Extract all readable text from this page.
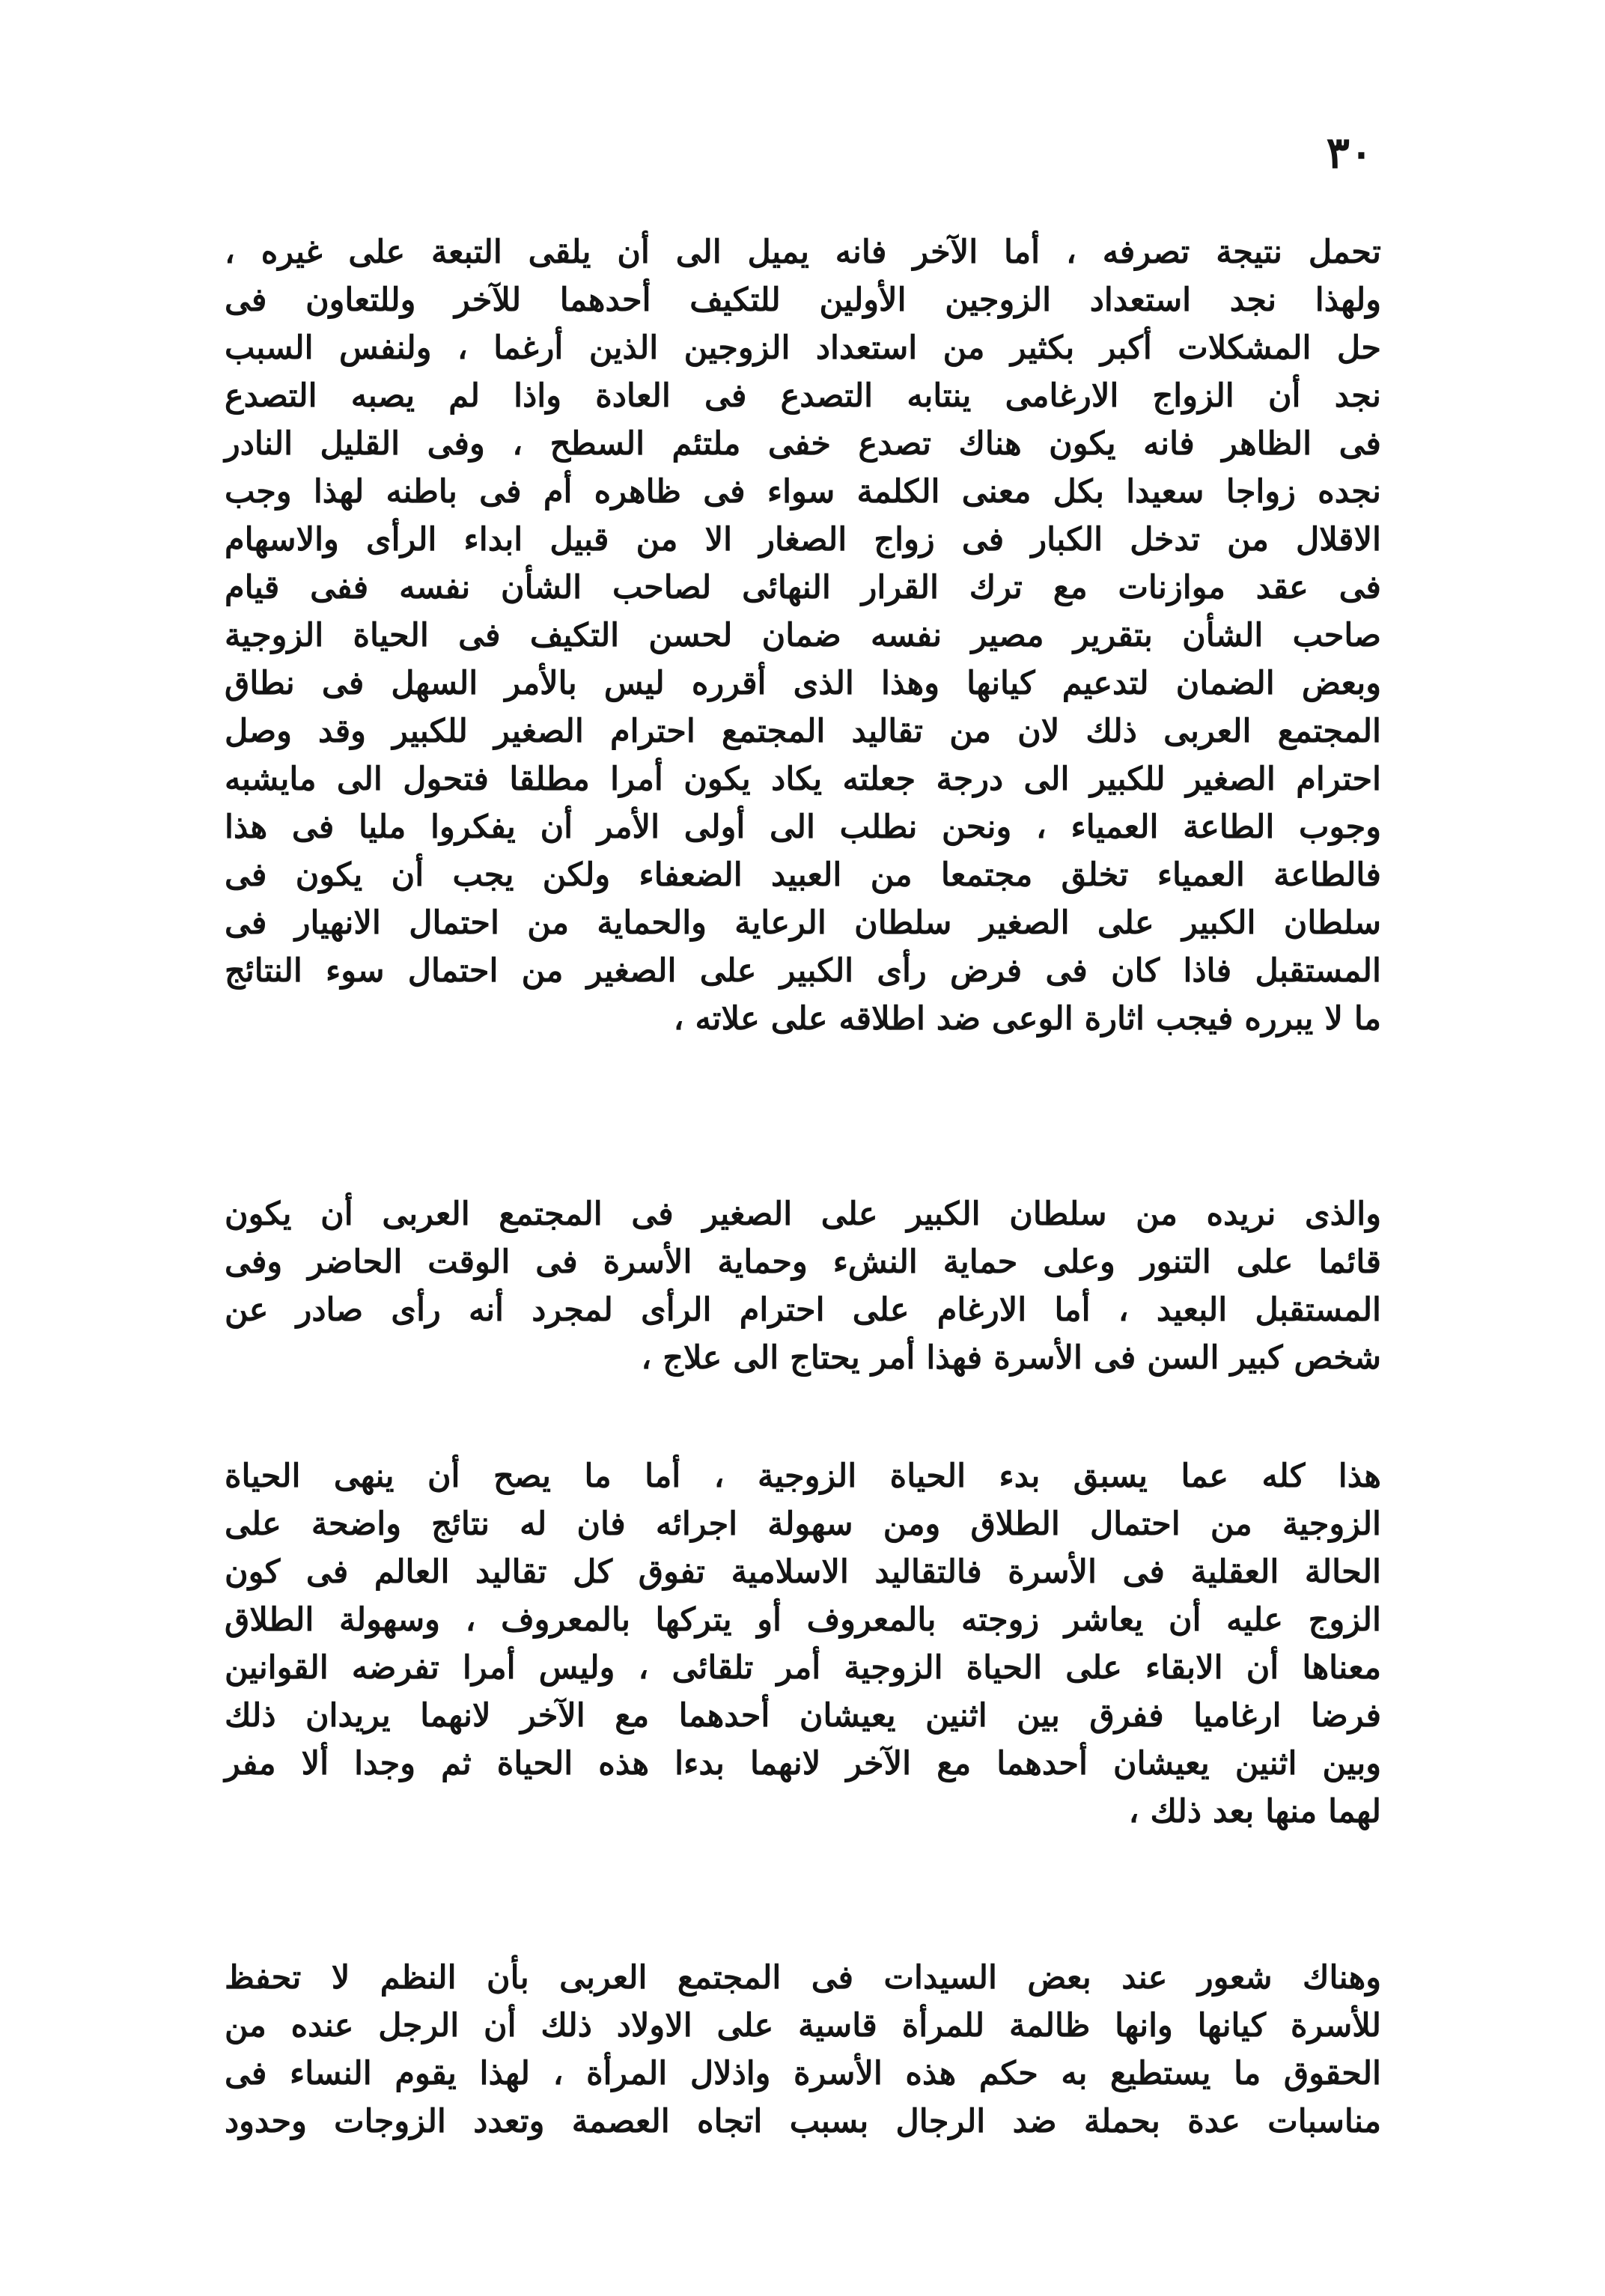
٣٠
تحمل نتيجة تصرفه ، أما الآخر فانه يميل الى أن يلقى التبعة على غيره ،
ولهذا نجد استعداد الزوجين الأولين للتكيف أحدهما للآخر وللتعاون فى
حل المشكلات أكبر بكثير من استعداد الزوجين الذين أرغما ، ولنفس السبب
نجد أن الزواج الارغامى ينتابه التصدع فى العادة واذا لم يصبه التصدع
فى الظاهر فانه يكون هناك تصدع خفى ملتئم السطح ، وفى القليل النادر
نجده زواجا سعيدا بكل معنى الكلمة سواء فى ظاهره أم فى باطنه لهذا وجب
الاقلال من تدخل الكبار فى زواج الصغار الا من قبيل ابداء الرأى والاسهام
فى عقد موازنات مع ترك القرار النهائى لصاحب الشأن نفسه ففى قيام
صاحب الشأن بتقرير مصير نفسه ضمان لحسن التكيف فى الحياة الزوجية
وبعض الضمان لتدعيم كيانها وهذا الذى أقرره ليس بالأمر السهل فى نطاق
المجتمع العربى ذلك لان من تقاليد المجتمع احترام الصغير للكبير وقد وصل
احترام الصغير للكبير الى درجة جعلته يكاد يكون أمرا مطلقا فتحول الى مايشبه
وجوب الطاعة العمياء ، ونحن نطلب الى أولى الأمر أن يفكروا مليا فى هذا
فالطاعة العمياء تخلق مجتمعا من العبيد الضعفاء ولكن يجب أن يكون فى
سلطان الكبير على الصغير سلطان الرعاية والحماية من احتمال الانهيار فى
المستقبل فاذا كان فى فرض رأى الكبير على الصغير من احتمال سوء النتائج
ما لا يبرره فيجب اثارة الوعى ضد اطلاقه على علاته ،
والذى نريده من سلطان الكبير على الصغير فى المجتمع العربى أن يكون
قائما على التنور وعلى حماية النشء وحماية الأسرة فى الوقت الحاضر وفى
المستقبل البعيد ، أما الارغام على احترام الرأى لمجرد أنه رأى صادر عن
شخص كبير السن فى الأسرة فهذا أمر يحتاج الى علاج ،
هذا كله عما يسبق بدء الحياة الزوجية ، أما ما يصح أن ينهى الحياة
الزوجية من احتمال الطلاق ومن سهولة اجرائه فان له نتائج واضحة على
الحالة العقلية فى الأسرة فالتقاليد الاسلامية تفوق كل تقاليد العالم فى كون
الزوج عليه أن يعاشر زوجته بالمعروف أو يتركها بالمعروف ، وسهولة الطلاق
معناها أن الابقاء على الحياة الزوجية أمر تلقائى ، وليس أمرا تفرضه القوانين
فرضا ارغاميا ففرق بين اثنين يعيشان أحدهما مع الآخر لانهما يريدان ذلك
وبين اثنين يعيشان أحدهما مع الآخر لانهما بدءا هذه الحياة ثم وجدا ألا مفر
لهما منها بعد ذلك ،
وهناك شعور عند بعض السيدات فى المجتمع العربى بأن النظم لا تحفظ
للأسرة كيانها وانها ظالمة للمرأة قاسية على الاولاد ذلك أن الرجل عنده من
الحقوق ما يستطيع به حكم هذه الأسرة واذلال المرأة ، لهذا يقوم النساء فى
مناسبات عدة بحملة ضد الرجال بسبب اتجاه العصمة وتعدد الزوجات وحدود
